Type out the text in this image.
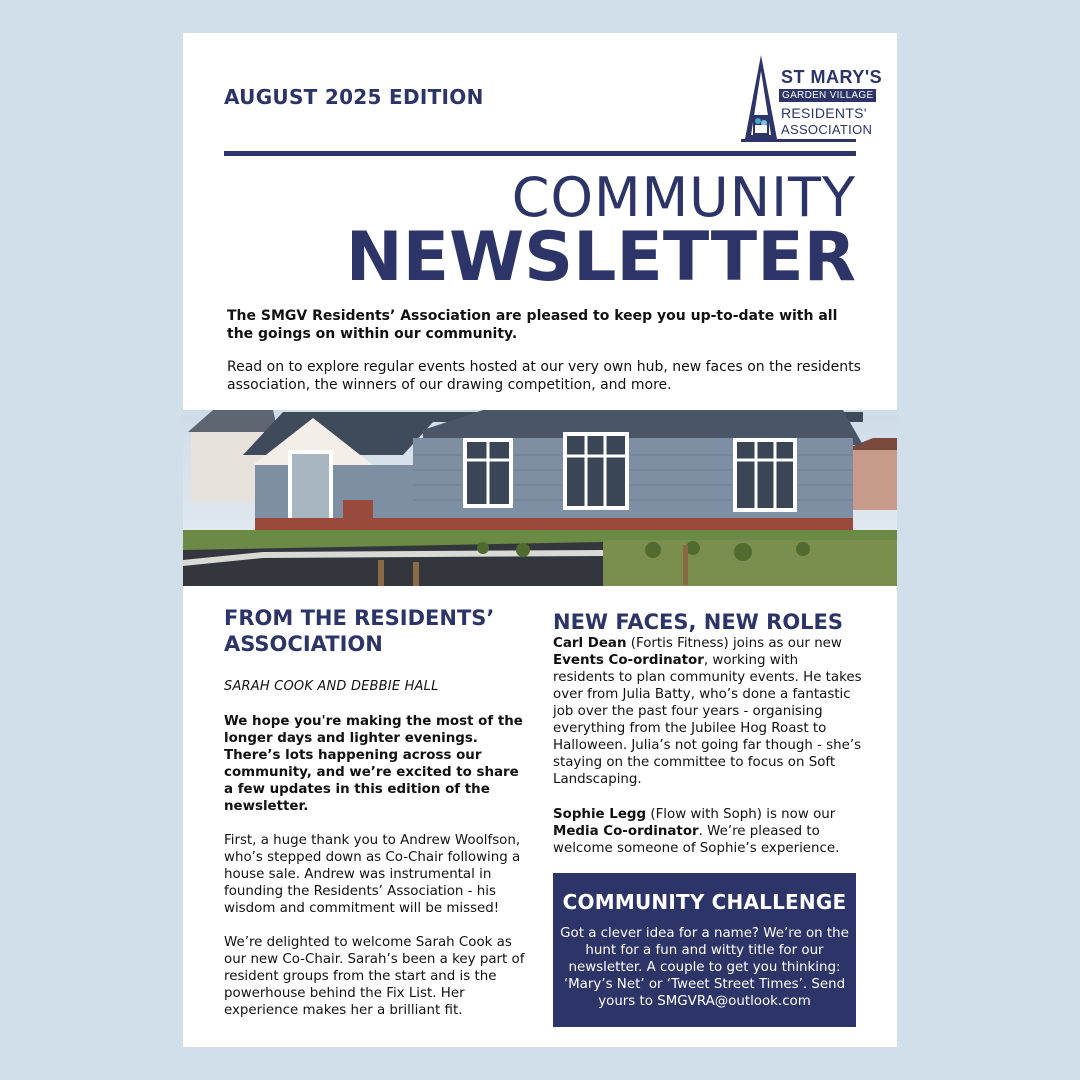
AUGUST 2025 EDITION
ST MARY'S
GARDEN VILLAGE
RESIDENTS'
ASSOCIATION
COMMUNITY
NEWSLETTER
The SMGV Residents’ Association are pleased to keep you up-to-date with all the goings on within our community.
Read on to explore regular events hosted at our very own hub, new faces on the residents association, the winners of our drawing competition, and more.
FROM THE RESIDENTS’ ASSOCIATION
SARAH COOK AND DEBBIE HALL
We hope you're making the most of the longer days and lighter evenings. There’s lots happening across our community, and we’re excited to share a few updates in this edition of the newsletter.
First, a huge thank you to Andrew Woolfson, who’s stepped down as Co-Chair following a house sale. Andrew was instrumental in founding the Residents’ Association - his wisdom and commitment will be missed!
We’re delighted to welcome Sarah Cook as our new Co-Chair. Sarah’s been a key part of resident groups from the start and is the powerhouse behind the Fix List. Her experience makes her a brilliant fit.
NEW FACES, NEW ROLES
Carl Dean (Fortis Fitness) joins as our new Events Co-ordinator, working with residents to plan community events. He takes over from Julia Batty, who’s done a fantastic job over the past four years - organising everything from the Jubilee Hog Roast to Halloween. Julia’s not going far though - she’s staying on the committee to focus on Soft Landscaping.
Sophie Legg (Flow with Soph) is now our Media Co-ordinator. We’re pleased to welcome someone of Sophie’s experience.
COMMUNITY CHALLENGE
Got a clever idea for a name? We’re on the hunt for a fun and witty title for our newsletter. A couple to get you thinking: ‘Mary’s Net’ or ‘Tweet Street Times’. Send yours to SMGVRA@outlook.com
